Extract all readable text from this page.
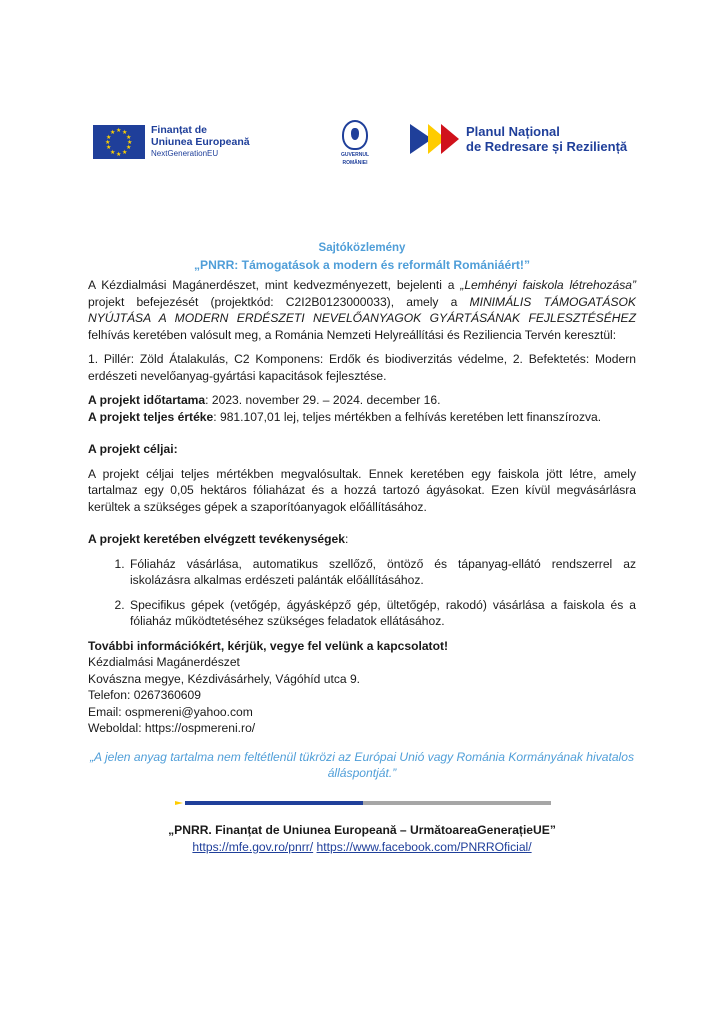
★ ★
★
★
★
★
★
★
★
★
★
★	Finanțat de
Uniunea Europeană
NextGenerationEU	GUVERNUL
ROMÂNIEI
Planul Național
de Redresare și Reziliență

Sajtóközlemény

„PNRR: Támogatások a modern és reformált Romániáért!”

A Kézdialmási Magánerdészet, mint kedvezményezett, bejelenti a „Lemhényi faiskola létrehozása” projekt befejezését (projektkód: C2I2B0123000033), amely a MINIMÁLIS TÁMOGATÁSOK NYÚJTÁSA A MODERN ERDÉSZETI NEVELŐANYAGOK GYÁRTÁSÁNAK FEJLESZTÉSÉHEZ felhívás keretében valósult meg, a Románia Nemzeti Helyreállítási és Reziliencia Tervén keresztül:

1. Pillér: Zöld Átalakulás, C2 Komponens: Erdők és biodiverzitás védelme, 2. Befektetés: Modern erdészeti nevelőanyag-gyártási kapacitások fejlesztése.

A projekt időtartama: 2023. november 29. – 2024. december 16.

A projekt teljes értéke: 981.107,01 lej, teljes mértékben a felhívás keretében lett finanszírozva.

A projekt céljai:

A projekt céljai teljes mértékben megvalósultak. Ennek keretében egy faiskola jött létre, amely tartalmaz egy 0,05 hektáros fóliaházat és a hozzá tartozó ágyásokat. Ezen kívül megvásárlásra kerültek a szükséges gépek a szaporítóanyagok előállításához.

A projekt keretében elvégzett tevékenységek:

1. Fóliaház vásárlása, automatikus szellőző, öntöző és tápanyag-ellátó rendszerrel az iskolázásra alkalmas erdészeti palánták előállításához.
2. Specifikus gépek (vetőgép, ágyásképző gép, ültetőgép, rakodó) vásárlása a faiskola és a fóliaház működtetéséhez szükséges feladatok ellátásához.

További információkért, kérjük, vegye fel velünk a kapcsolatot!

Kézdialmási Magánerdészet

Kovászna megye, Kézdivásárhely, Vágóhíd utca 9.

Telefon: 0267360609

Email: ospmereni@yahoo.com

Weboldal: https://ospmereni.ro/

„A jelen anyag tartalma nem feltétlenül tükrözi az Európai Unió vagy Románia Kormányának hivatalos álláspontját.”

„PNRR. Finanțat de Uniunea Europeană – UrmătoareaGenerațieUE”

https://mfe.gov.ro/pnrr/ https://www.facebook.com/PNRROficial/
